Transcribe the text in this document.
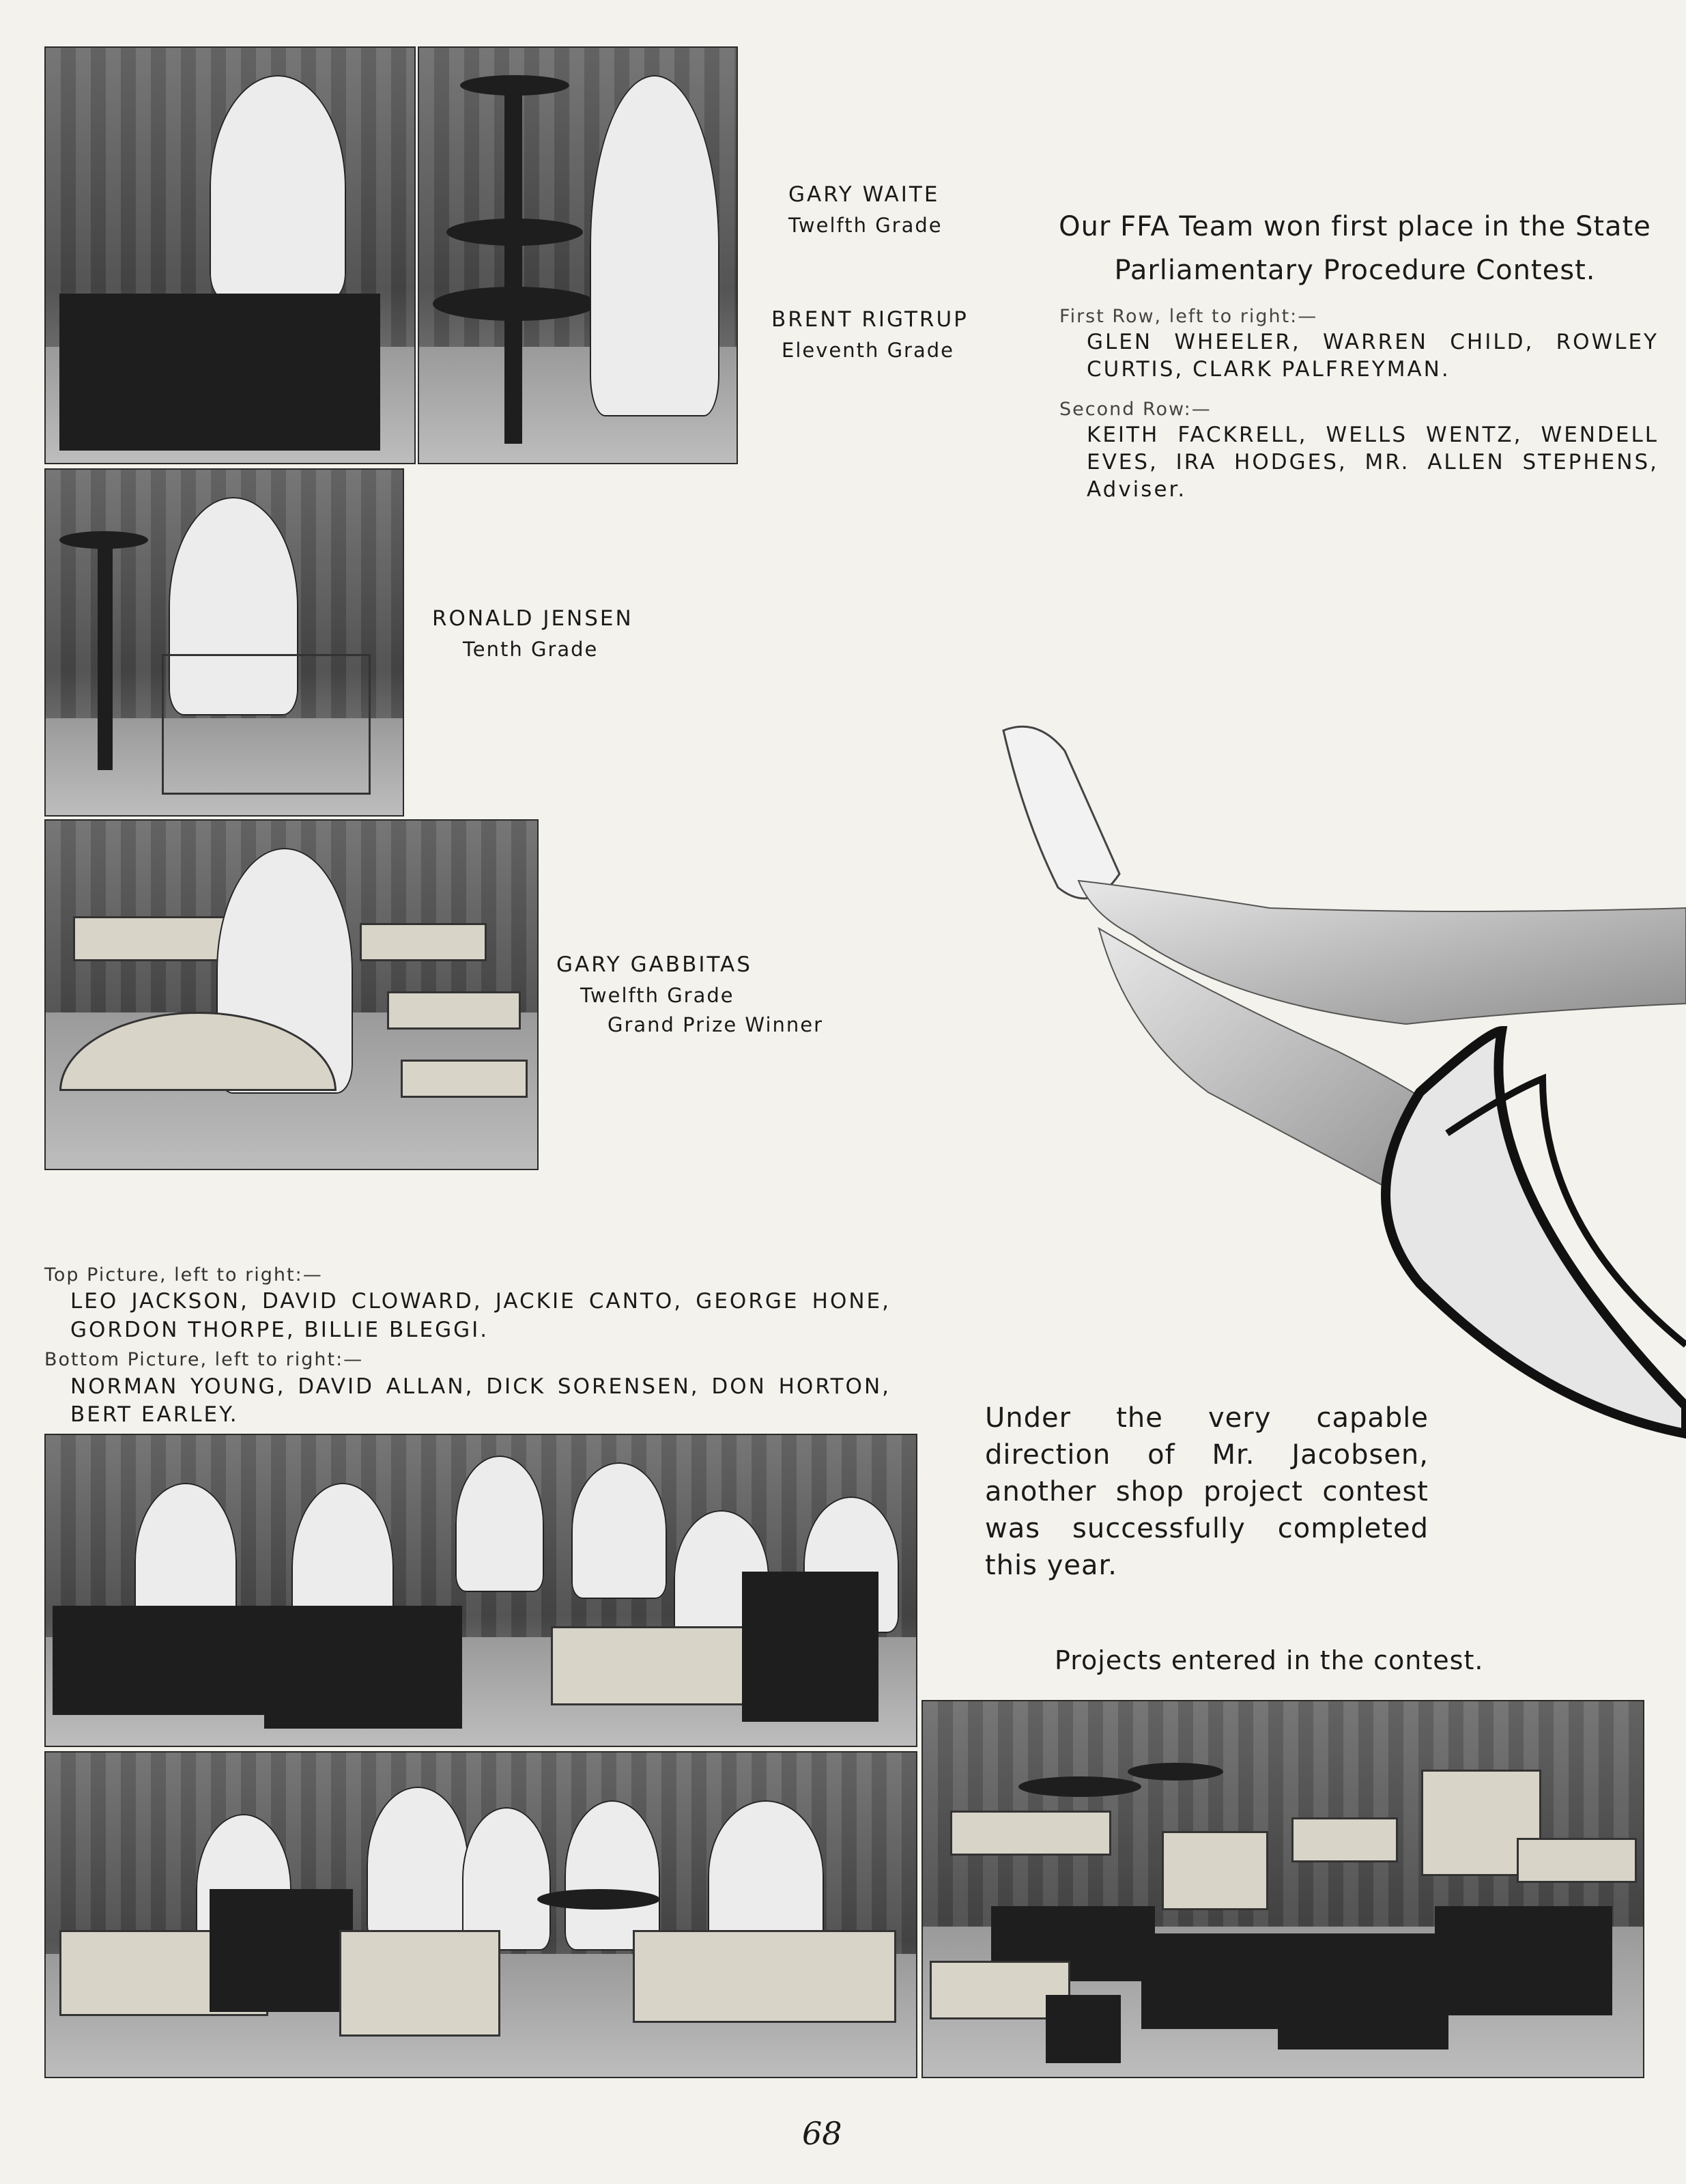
GARY WAITE
Twelfth Grade
BRENT RIGTRUP
Eleventh Grade
RONALD JENSEN
Tenth Grade
GARY GABBITAS
Twelfth Grade
Grand Prize Winner
Our FFA Team won first place in the State Parliamentary Procedure Contest.

First Row, left to right:—

GLEN WHEELER, WARREN CHILD, ROWLEY CURTIS, CLARK PALFREYMAN.

Second Row:—

KEITH FACKRELL, WELLS WENTZ, WENDELL EVES, IRA HODGES, MR. ALLEN STEPHENS, Adviser.

Top Picture, left to right:—
LEO JACKSON, DAVID CLOWARD, JACKIE CANTO, GEORGE HONE, GORDON THORPE, BILLIE BLEGGI.
Bottom Picture, left to right:—
NORMAN YOUNG, DAVID ALLAN, DICK SORENSEN, DON HORTON, BERT EARLEY.	Under the very capable direction of Mr. Jacobsen, another shop project contest was successfully completed this year.
Projects entered in the contest.
68
